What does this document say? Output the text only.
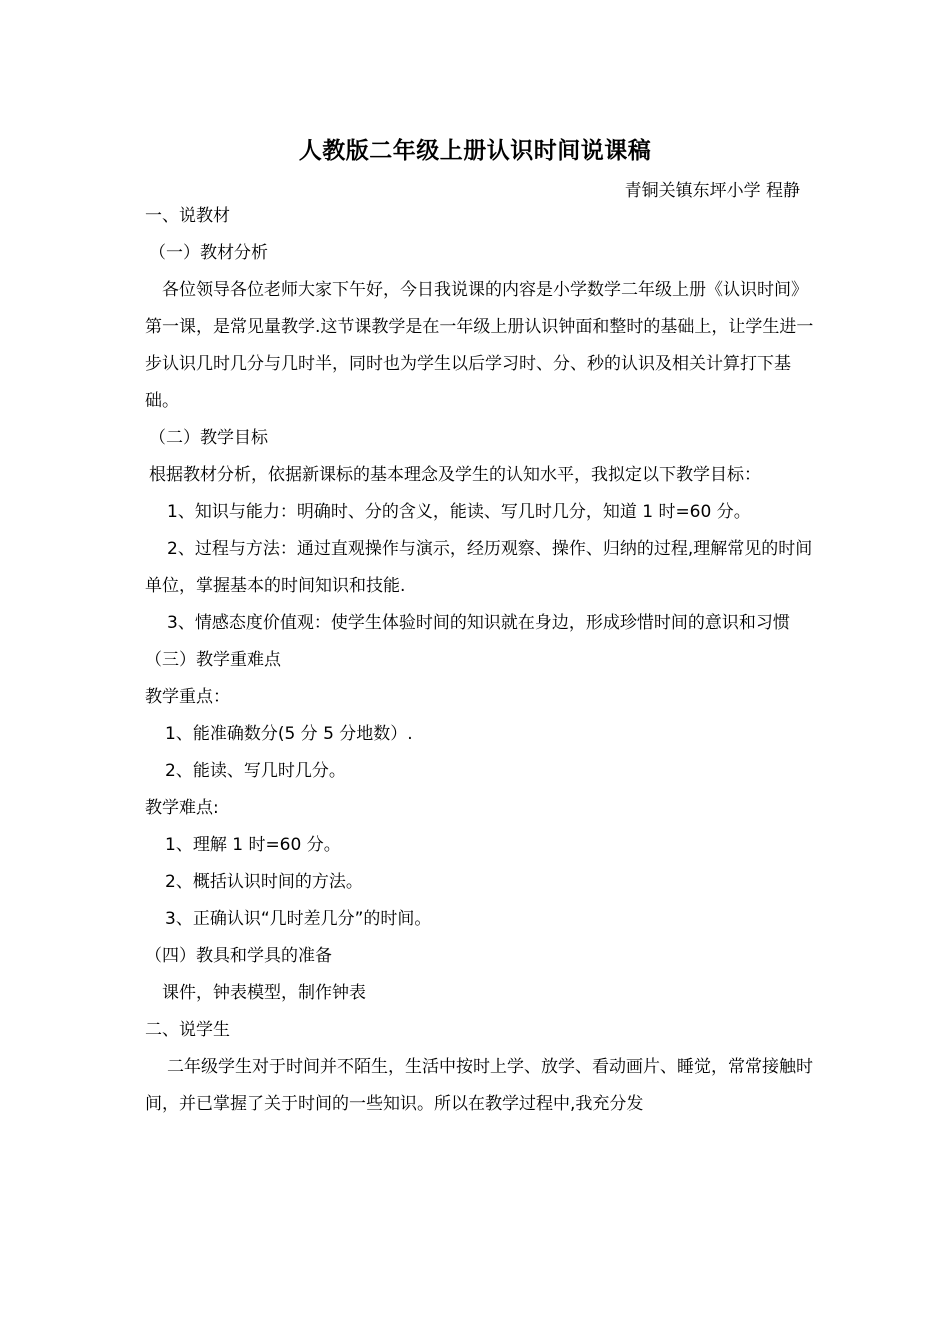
人教版二年级上册认识时间说课稿
青铜关镇东坪小学 程静

一、说教材

（一）教材分析

各位领导各位老师大家下午好，今日我说课的内容是小学数学二年级上册《认识时间》第一课，是常见量教学.这节课教学是在一年级上册认识钟面和整时的基础上，让学生进一步认识几时几分与几时半，同时也为学生以后学习时、分、秒的认识及相关计算打下基础。

（二）教学目标

根据教材分析，依据新课标的基本理念及学生的认知水平，我拟定以下教学目标：

1、知识与能力：明确时、分的含义，能读、写几时几分，知道 1 时=60 分。

2、过程与方法：通过直观操作与演示，经历观察、操作、归纳的过程,理解常见的时间单位，掌握基本的时间知识和技能.

3、情感态度价值观：使学生体验时间的知识就在身边，形成珍惜时间的意识和习惯

（三）教学重难点

教学重点：

1、能准确数分(5 分 5 分地数）.

2、能读、写几时几分。

教学难点:

1、理解 1 时=60 分。

2、概括认识时间的方法。

3、正确认识“几时差几分”的时间。

（四）教具和学具的准备

课件，钟表模型，制作钟表

二、说学生

二年级学生对于时间并不陌生，生活中按时上学、放学、看动画片、睡觉，常常接触时间，并已掌握了关于时间的一些知识。所以在教学过程中,我充分发
